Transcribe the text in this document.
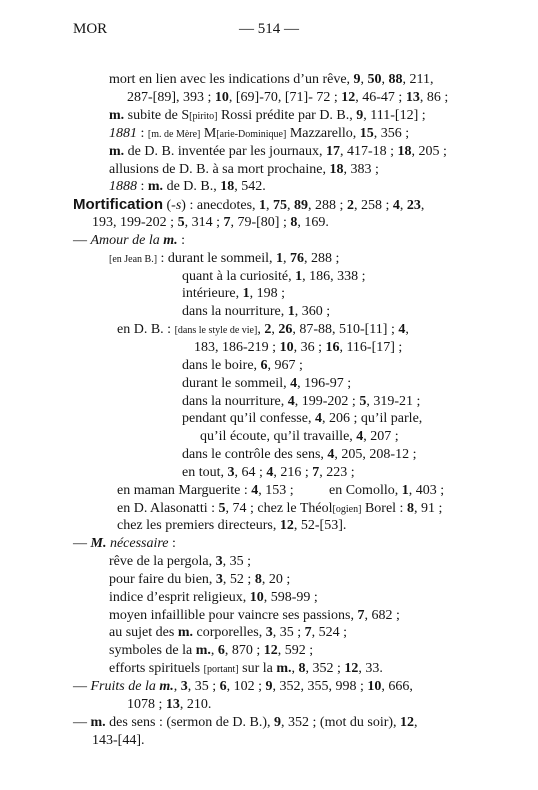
MOR	— 514 —
mort en lien avec les indications d’un rêve, 9, 50, 88, 211,
287-[89], 393 ; 10, [69]-70, [71]- 72 ; 12, 46-47 ; 13, 86 ;
m. subite de S[pirito] Rossi prédite par D. B., 9, 111-[12] ;
1881 : [m. de Mère] M[arie-Dominique] Mazzarello, 15, 356 ;
m. de D. B. inventée par les journaux, 17, 417-18 ; 18, 205 ;
allusions de D. B. à sa mort prochaine, 18, 383 ;
1888 : m. de D. B., 18, 542.
Mortification (-s) : anecdotes, 1, 75, 89, 288 ; 2, 258 ; 4, 23,
193, 199-202 ; 5, 314 ; 7, 79-[80] ; 8, 169.
— Amour de la m. :
[en Jean B.] : durant le sommeil, 1, 76, 288 ;
quant à la curiosité, 1, 186, 338 ;
intérieure, 1, 198 ;
dans la nourriture, 1, 360 ;
en D. B. : [dans le style de vie], 2, 26, 87-88, 510-[11] ; 4,
183, 186-219 ; 10, 36 ; 16, 116-[17] ;
dans le boire, 6, 967 ;
durant le sommeil, 4, 196-97 ;
dans la nourriture, 4, 199-202 ; 5, 319-21 ;
pendant qu’il confesse, 4, 206 ; qu’il parle,
qu’il écoute, qu’il travaille, 4, 207 ;
dans le contrôle des sens, 4, 205, 208-12 ;
en tout, 3, 64 ; 4, 216 ; 7, 223 ;
en maman Marguerite : 4, 153 ;	en Comollo, 1, 403 ;
en D. Alasonatti : 5, 74 ; chez le Théol[ogien] Borel : 8, 91 ;
chez les premiers directeurs, 12, 52-[53].
— M. nécessaire :
rêve de la pergola, 3, 35 ;
pour faire du bien, 3, 52 ; 8, 20 ;
indice d’esprit religieux, 10, 598-99 ;
moyen infaillible pour vaincre ses passions, 7, 682 ;
au sujet des m. corporelles, 3, 35 ; 7, 524 ;
symboles de la m., 6, 870 ; 12, 592 ;
efforts spirituels [portant] sur la m., 8, 352 ; 12, 33.
— Fruits de la m., 3, 35 ; 6, 102 ; 9, 352, 355, 998 ; 10, 666,
1078 ; 13, 210.
— m. des sens : (sermon de D. B.), 9, 352 ; (mot du soir), 12,
143-[44].
